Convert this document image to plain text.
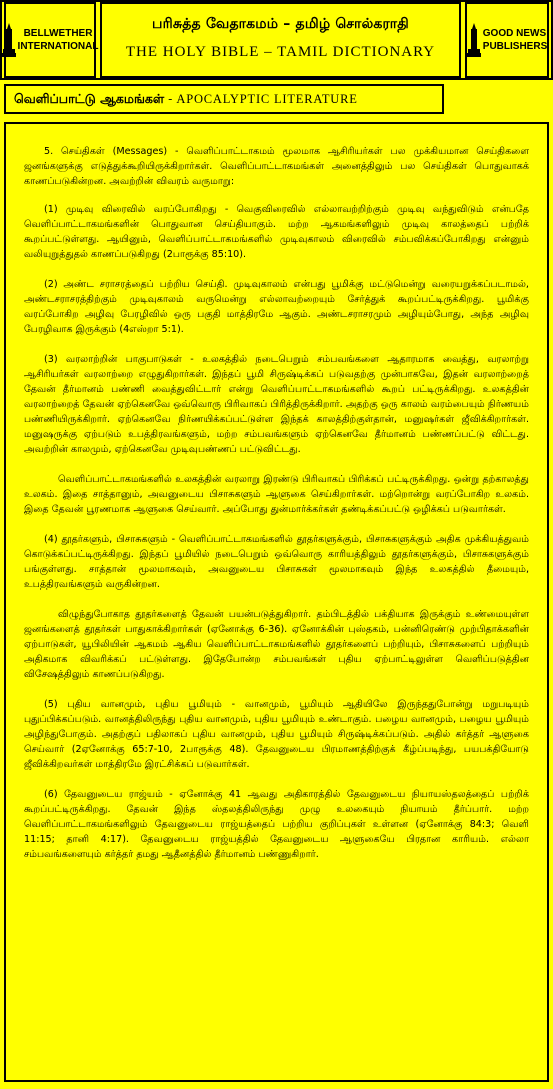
BELLWETHER
INTERNATIONAL
பரிசுத்த வேதாகமம் – தமிழ் சொல்கராதி
THE HOLY BIBLE – TAMIL DICTIONARY
GOOD NEWS
PUBLISHERS
வெளிப்பாட்டு ஆகமங்கள் - APOCALYPTIC LITERATURE

5. செய்திகள் (Messages) - வெளிப்பாட்டாகமம் மூலமாக ஆசிரியர்கள் பல முக்கியமான செய்திகளை ஜனங்களுக்கு எடுத்துக்கூறியிருக்கிறார்கள். வெளிப்பாட்டாகமங்கள் அனைத்திலும் பல செய்திகள் பொதுவாகக் காணப்படுகின்றன. அவற்றின் விவரம் வருமாறு:

(1) முடிவு விரைவில் வரப்போகிறது - வெகுவிரைவில் எல்லாவற்றிற்கும் முடிவு வந்துவிடும் என்பதே வெளிப்பாட்டாகமங்களின் பொதுவான செய்தியாகும். மற்ற ஆகமங்களிலும் முடிவு காலத்தைப் பற்றிக் கூறப்பட்டுள்ளது. ஆயினும், வெளிப்பாட்டாகமங்களில் முடிவுகாலம் விரைவில் சம்பவிக்கப்போகிறது என்னும் வலியுறுத்துதல் காணப்படுகிறது (2பாரூக்கு 85:10).

(2) அண்ட சராசரத்தைப் பற்றிய செய்தி. முடிவுகாலம் என்பது பூமிக்கு மட்டுமென்று வரையறுக்கப்படாமல், அண்டசராசரத்திற்கும் முடிவுகாலம் வருமென்று எல்லாவற்றையும் சேர்த்துக் கூறப்பட்டிருக்கிறது. பூமிக்கு வரப்போகிற அழிவு பேரழிவில் ஒரு பகுதி மாத்திரமே ஆகும். அண்டசராசரமும் அழியும்போது, அந்த அழிவு பேரழிவாக இருக்கும் (4எஸ்றா 5:1).

(3) வரலாற்றின் பாகுபாடுகள் - உலகத்தில் நடைபெறும் சம்பவங்களை ஆதாரமாக வைத்து, வரலாற்று ஆசிரியர்கள் வரலாற்றை எழுதுகிறார்கள். இந்தப் பூமி சிருஷ்டிக்கப் படுவதற்கு முன்பாகவே, இதன் வரலாற்றைத் தேவன் தீர்மானம் பண்ணி வைத்துவிட்டார் என்று வெளிப்பாட்டாகமங்களில் கூறப் பட்டிருக்கிறது. உலகத்தின் வரலாற்றைத் தேவன் ஏற்கெனவே ஒவ்வொரு பிரிவாகப் பிரித்திருக்கிறார். அதற்கு ஒரு காலம் வரம்பையும் நிர்ணயம் பண்ணியிருக்கிறார். ஏற்கெனவே நிர்ணயிக்கப்பட்டுள்ள இந்தக் காலத்திற்குள்தான், மனுஷர்கள் ஜீவிக்கிறார்கள். மனுஷருக்கு ஏற்படும் உபத்திரவங்களும், மற்ற சம்பவங்களும் ஏற்கெனவே தீர்மானம் பண்ணப்பட்டு விட்டது. அவற்றின் காலமும், ஏற்கெனவே முடிவுபண்ணப் பட்டுவிட்டது.

வெளிப்பாட்டாகமங்களில் உலகத்தின் வரலாறு இரண்டு பிரிவாகப் பிரிக்கப் பட்டிருக்கிறது. ஒன்று தற்காலத்து உலகம். இதை சாத்தானும், அவனுடைய பிசாசுகளும் ஆளுகை செய்கிறார்கள். மற்றொன்று வரப்போகிற உலகம். இதை தேவன் பூரணமாக ஆளுகை செய்வார். அப்போது துன்மார்க்கர்கள் தண்டிக்கப்பட்டு ஒழிக்கப் படுவார்கள்.

(4) தூதர்களும், பிசாசுகளும் - வெளிப்பாட்டாகமங்களில் தூதர்களுக்கும், பிசாசுகளுக்கும் அதிக முக்கியத்துவம் கொடுக்கப்பட்டிருக்கிறது. இந்தப் பூமியில் நடைபெறும் ஒவ்வொரு காரியத்திலும் தூதர்களுக்கும், பிசாசுகளுக்கும் பங்குள்ளது. சாத்தான் மூலமாகவும், அவனுடைய பிசாசுகள் மூலமாகவும் இந்த உலகத்தில் தீமையும், உபத்திரவங்களும் வருகின்றன.

விழுந்துபோகாத தூதர்களைத் தேவன் பயன்படுத்துகிறார். தம்பிடத்தில் பக்தியாக இருக்கும் உண்மையுள்ள ஜனங்களைத் தூதர்கள் பாதுகாக்கிறார்கள் (ஏனோக்கு 6-36). ஏனோக்கின் புஸ்தகம், பன்னிரெண்டு முற்பிதாக்களின் ஏற்பாடுகள், யூபிலியின் ஆகமம் ஆகிய வெளிப்பாட்டாகமங்களில் தூதர்களைப் பற்றியும், பிசாசுகளைப் பற்றியும் அதிகமாக விவரிக்கப் பட்டுள்ளது. இதேபோன்ற சம்பவங்கள் புதிய ஏற்பாட்டிலுள்ள வெளிப்படுத்தின விசேஷத்திலும் காணப்படுகிறது.

(5) புதிய வானமும், புதிய பூமியும் - வானமும், பூமியும் ஆதியிலே இருந்ததுபோன்று மறுபடியும் புதுப்பிக்கப்படும். வானத்திலிருந்து புதிய வானமும், புதிய பூமியும் உண்டாகும். பழைய வானமும், பழைய பூமியும் அழிந்துபோகும். அதற்குப் பதிலாகப் புதிய வானமும், புதிய பூமியும் சிருஷ்டிக்கப்படும். அதில் கர்த்தர் ஆளுகை செய்வார் (2ஏனோக்கு 65:7-10, 2பாரூக்கு 48). தேவனுடைய பிரமாணத்திற்குக் கீழ்ப்படிந்து, பயபக்தியோடு ஜீவிக்கிறவர்கள் மாத்திரமே இரட்சிக்கப் படுவார்கள்.

(6) தேவனுடைய ராஜ்யம் - ஏனோக்கு 41 ஆவது அதிகாரத்தில் தேவனுடைய நியாயஸ்தலத்தைப் பற்றிக் கூறப்பட்டிருக்கிறது. தேவன் இந்த ஸ்தலத்திலிருந்து முழு உலகையும் நியாயம் தீர்ப்பார். மற்ற வெளிப்பாட்டாகமங்களிலும் தேவனுடைய ராஜ்யத்தைப் பற்றிய குறிப்புகள் உள்ளன (ஏனோக்கு 84:3; வெளி 11:15; தானி 4:17). தேவனுடைய ராஜ்யத்தில் தேவனுடைய ஆளுகையே பிரதான காரியம். எல்லா சம்பவங்களையும் கர்த்தர் தமது ஆதீனத்தில் தீர்மானம் பண்ணுகிறார்.
